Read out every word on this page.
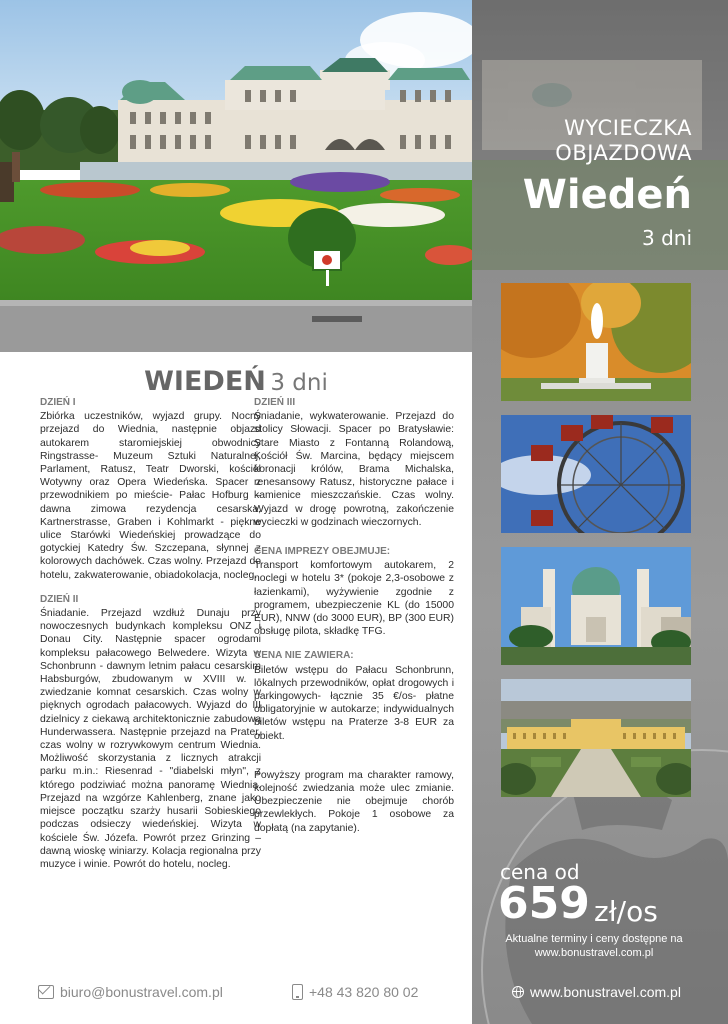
WYCIECZKA
OBJAZDOWA
Wiedeń
3 dni
cena od
659 zł/os
Aktualne terminy i ceny dostępne na
www.bonustravel.com.pl
WIEDEŃ 3 dni
DZIEŃ I

Zbiórka uczestników, wyjazd grupy. Nocny przejazd do Wiednia, następnie objazd autokarem staromiejskiej obwodnicy Ringstrasse- Muzeum Sztuki Naturalnej, Parlament, Ratusz, Teatr Dworski, kościół Wotywny oraz Opera Wiedeńska. Spacer z przewodnikiem po mieście- Pałac Hofburg – dawna zimowa rezydencja cesarska, Kartnerstrasse, Graben i Kohlmarkt - piękne ulice Starówki Wiedeńskiej prowadzące do gotyckiej Katedry Św. Szczepana, słynnej z kolorowych dachówek. Czas wolny. Przejazd do hotelu, zakwaterowanie, obiadokolacja, nocleg.

DZIEŃ II

Śniadanie. Przejazd wzdłuż Dunaju przy nowoczesnych budynkach kompleksu ONZ i Donau City. Następnie spacer ogrodami kompleksu pałacowego Belwedere. Wizyta w Schonbrunn - dawnym letnim pałacu cesarskim Habsburgów, zbudowanym w XVIII w. - zwiedzanie komnat cesarskich. Czas wolny w pięknych ogrodach pałacowych. Wyjazd do III dzielnicy z ciekawą architektonicznie zabudową Hunderwassera. Następnie przejazd na Prater, czas wolny w rozrywkowym centrum Wiednia. Możliwość skorzystania z licznych atrakcji parku m.in.: Riesenrad - "diabelski młyn", z którego podziwiać można panoramę Wiednia. Przejazd na wzgórze Kahlenberg, znane jako miejsce początku szarży husarii Sobieskiego podczas odsieczy wiedeńskiej. Wizyta w kościele Św. Józefa. Powrót przez Grinzing – dawną wioskę winiarzy. Kolacja regionalna przy muzyce i winie. Powrót do hotelu, nocleg.

DZIEŃ III

Śniadanie, wykwaterowanie. Przejazd do stolicy Słowacji. Spacer po Bratysławie: Stare Miasto z Fontanną Rolandową, Kościół Św. Marcina, będący miejscem koronacji królów, Brama Michalska, renesansowy Ratusz, historyczne pałace i kamienice mieszczańskie. Czas wolny. Wyjazd w drogę powrotną, zakończenie wycieczki w godzinach wieczornych.

CENA IMPREZY OBEJMUJE:

Transport komfortowym autokarem, 2 noclegi w hotelu 3* (pokoje 2,3-osobowe z łazienkami), wyżywienie zgodnie z programem, ubezpieczenie KL (do 15000 EUR), NNW (do 3000 EUR), BP (300 EUR) obsługę pilota, składkę TFG.

CENA NIE ZAWIERA:

Biletów wstępu do Pałacu Schonbrunn, lokalnych przewodników, opłat drogowych i parkingowych- łącznie 35 €/os- płatne obligatoryjnie w autokarze; indywidualnych biletów wstępu na Praterze 3-8 EUR za obiekt.

Powyższy program ma charakter ramowy, kolejność zwiedzania może ulec zmianie. Ubezpieczenie nie obejmuje chorób przewlekłych. Pokoje 1 osobowe za dopłatą (na zapytanie).

biuro@bonustravel.com.pl	+48 43 820 80 02	www.bonustravel.com.pl
